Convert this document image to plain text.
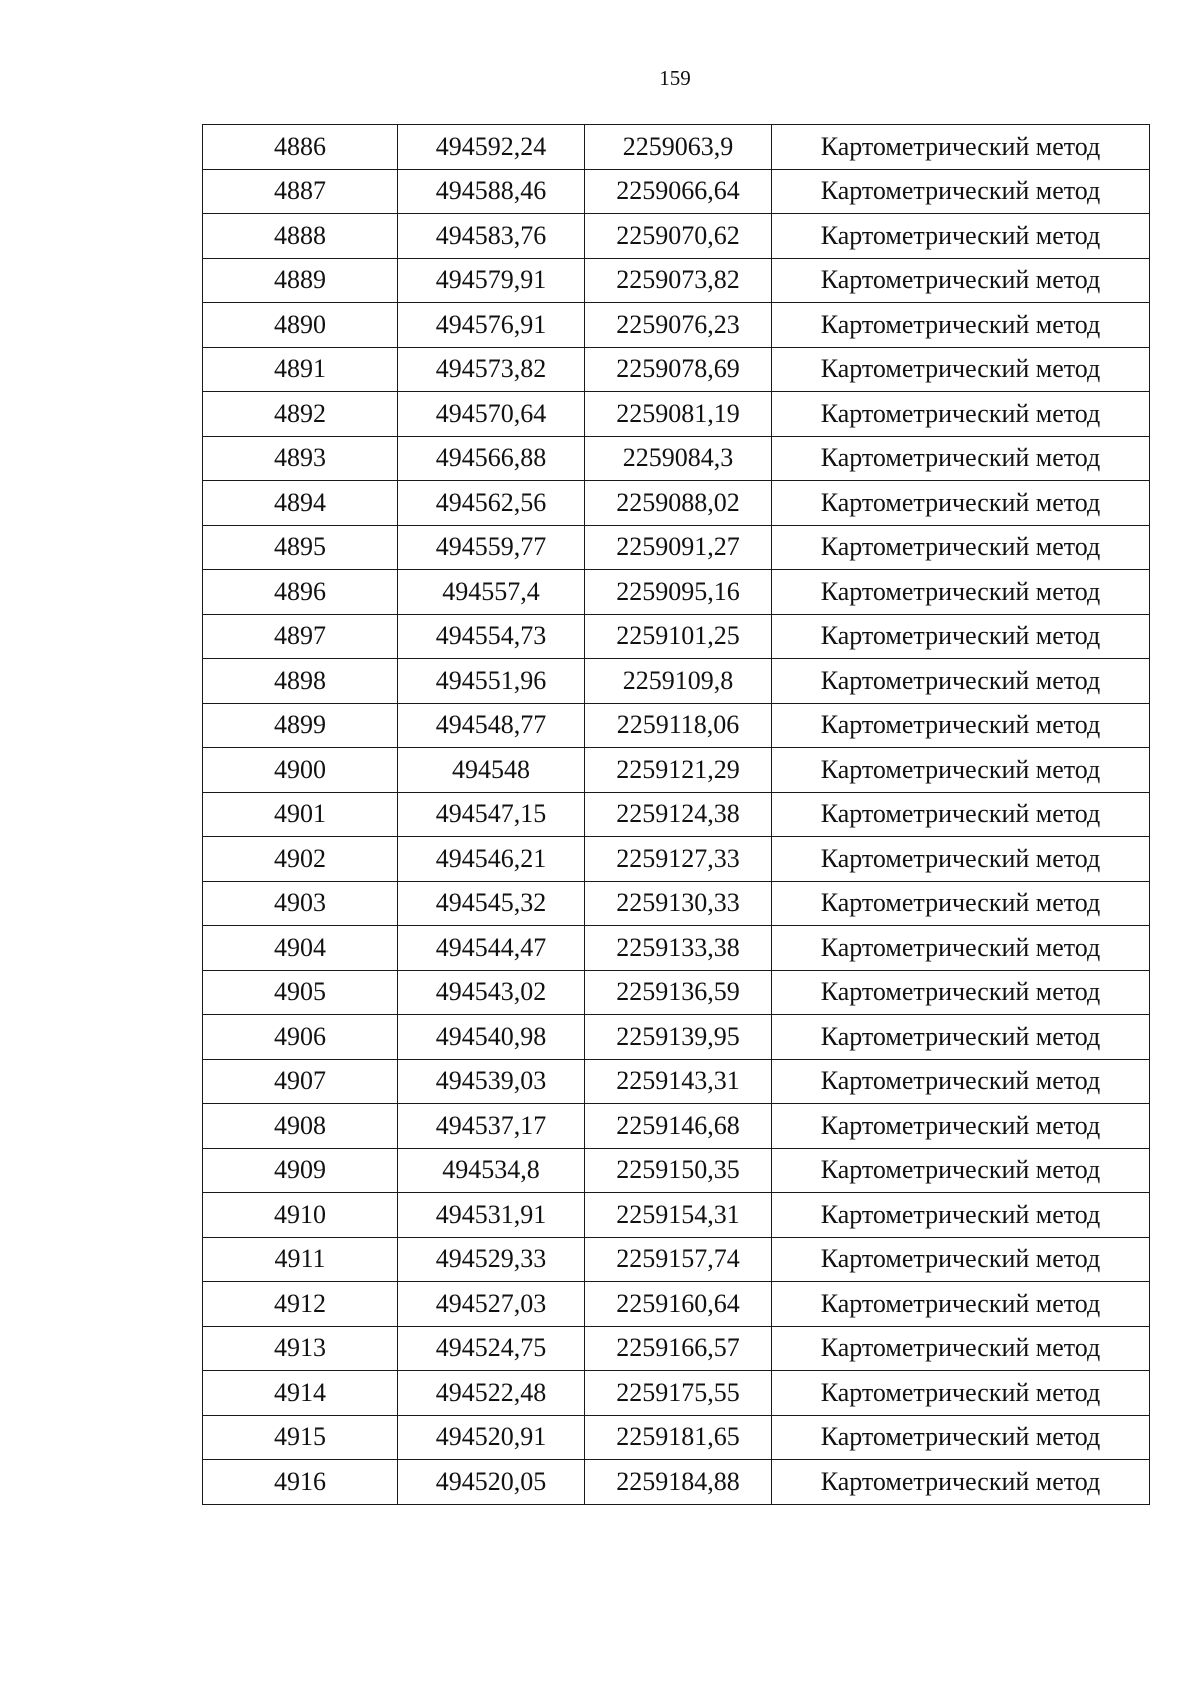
159
4886	494592,24	2259063,9	Картометрический метод
4887	494588,46	2259066,64	Картометрический метод
4888	494583,76	2259070,62	Картометрический метод
4889	494579,91	2259073,82	Картометрический метод
4890	494576,91	2259076,23	Картометрический метод
4891	494573,82	2259078,69	Картометрический метод
4892	494570,64	2259081,19	Картометрический метод
4893	494566,88	2259084,3	Картометрический метод
4894	494562,56	2259088,02	Картометрический метод
4895	494559,77	2259091,27	Картометрический метод
4896	494557,4	2259095,16	Картометрический метод
4897	494554,73	2259101,25	Картометрический метод
4898	494551,96	2259109,8	Картометрический метод
4899	494548,77	2259118,06	Картометрический метод
4900	494548	2259121,29	Картометрический метод
4901	494547,15	2259124,38	Картометрический метод
4902	494546,21	2259127,33	Картометрический метод
4903	494545,32	2259130,33	Картометрический метод
4904	494544,47	2259133,38	Картометрический метод
4905	494543,02	2259136,59	Картометрический метод
4906	494540,98	2259139,95	Картометрический метод
4907	494539,03	2259143,31	Картометрический метод
4908	494537,17	2259146,68	Картометрический метод
4909	494534,8	2259150,35	Картометрический метод
4910	494531,91	2259154,31	Картометрический метод
4911	494529,33	2259157,74	Картометрический метод
4912	494527,03	2259160,64	Картометрический метод
4913	494524,75	2259166,57	Картометрический метод
4914	494522,48	2259175,55	Картометрический метод
4915	494520,91	2259181,65	Картометрический метод
4916	494520,05	2259184,88	Картометрический метод
